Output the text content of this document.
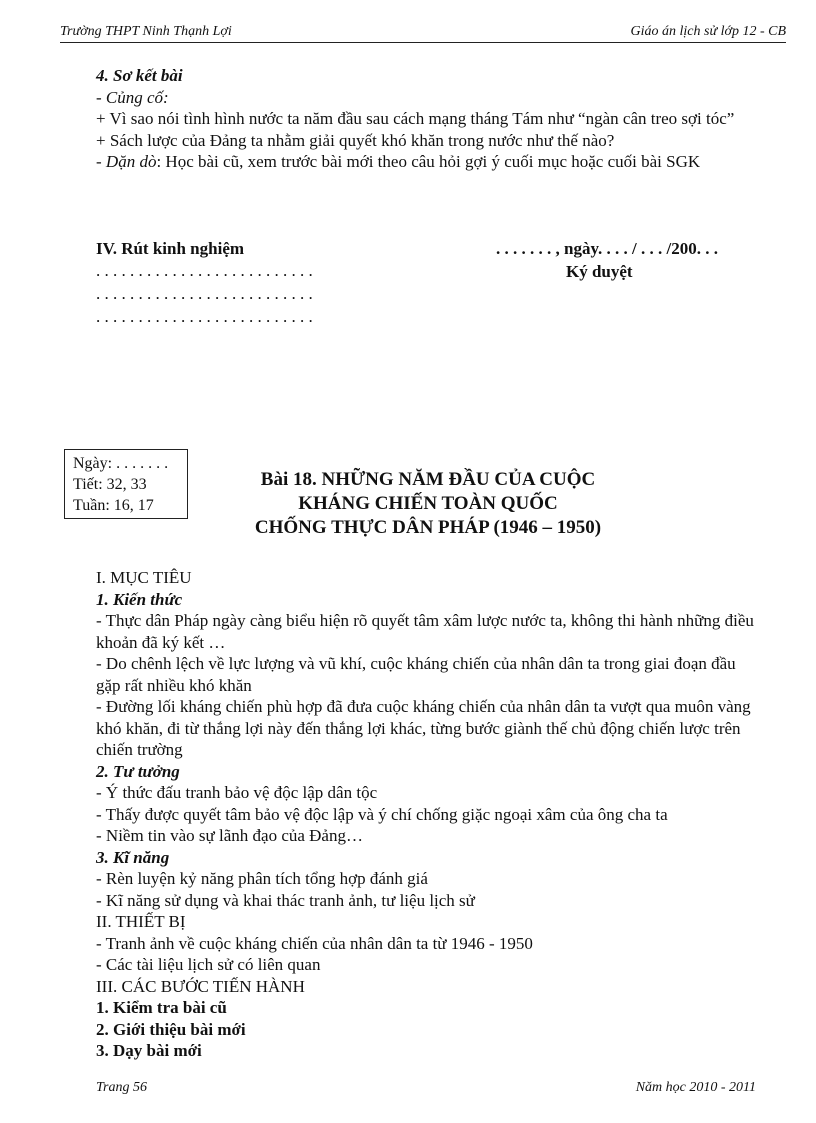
Trường THPT Ninh Thạnh Lợi	Giáo án lịch sử lớp 12 - CB

4. Sơ kết bài

- Củng cố:

+ Vì sao nói tình hình nước ta năm đầu sau cách mạng tháng Tám như “ngàn cân treo sợi tóc”

+ Sách lược của Đảng ta nhằm giải quyết khó khăn trong nước như thế nào?

- Dặn dò: Học bài cũ, xem trước bài mới theo câu hỏi gợi ý cuối mục hoặc cuối bài SGK

IV. Rút kinh nghiệm
. . . . . . . . . . . . . . . . . . . . . . . . . .
. . . . . . . . . . . . . . . . . . . . . . . . . .
. . . . . . . . . . . . . . . . . . . . . . . . . .
. . . . . . . , ngày. . . . / . . . /200. . .
Ký duyệt

Ngày: . . . . . . .

Tiết: 32, 33

Tuần: 16, 17

Bài 18. NHỮNG NĂM ĐẦU CỦA CUỘC

KHÁNG CHIẾN TOÀN QUỐC

CHỐNG THỰC DÂN PHÁP (1946 – 1950)

I. MỤC TIÊU

1. Kiến thức

- Thực dân Pháp ngày càng biểu hiện rõ quyết tâm xâm lược nước ta, không thi hành những điều khoản đã ký kết …

- Do chênh lệch về lực lượng và vũ khí, cuộc kháng chiến của nhân dân ta trong giai đoạn đầu gặp rất nhiều khó khăn

- Đường lối kháng chiến phù hợp đã đưa cuộc kháng chiến của nhân dân ta vượt qua muôn vàng khó khăn, đi từ thắng lợi này đến thắng lợi khác, từng bước giành thế chủ động chiến lược trên chiến trường

2. Tư tưởng

- Ý thức đấu tranh bảo vệ độc lập dân tộc

- Thấy được quyết tâm bảo vệ độc lập và ý chí chống giặc ngoại xâm của ông cha ta

- Niềm tin vào sự lãnh đạo của Đảng…

3. Kĩ năng

- Rèn luyện kỷ năng phân tích tổng hợp đánh giá

- Kĩ năng sử dụng và khai thác tranh ảnh, tư liệu lịch sử

II. THIẾT BỊ

- Tranh ảnh về cuộc kháng chiến của nhân dân ta từ 1946 - 1950

- Các tài liệu lịch sử có liên quan

III. CÁC BƯỚC TIẾN HÀNH

1. Kiểm tra bài cũ

2. Giới thiệu bài mới

3. Dạy bài mới

Trang 56	Năm học 2010 - 2011
